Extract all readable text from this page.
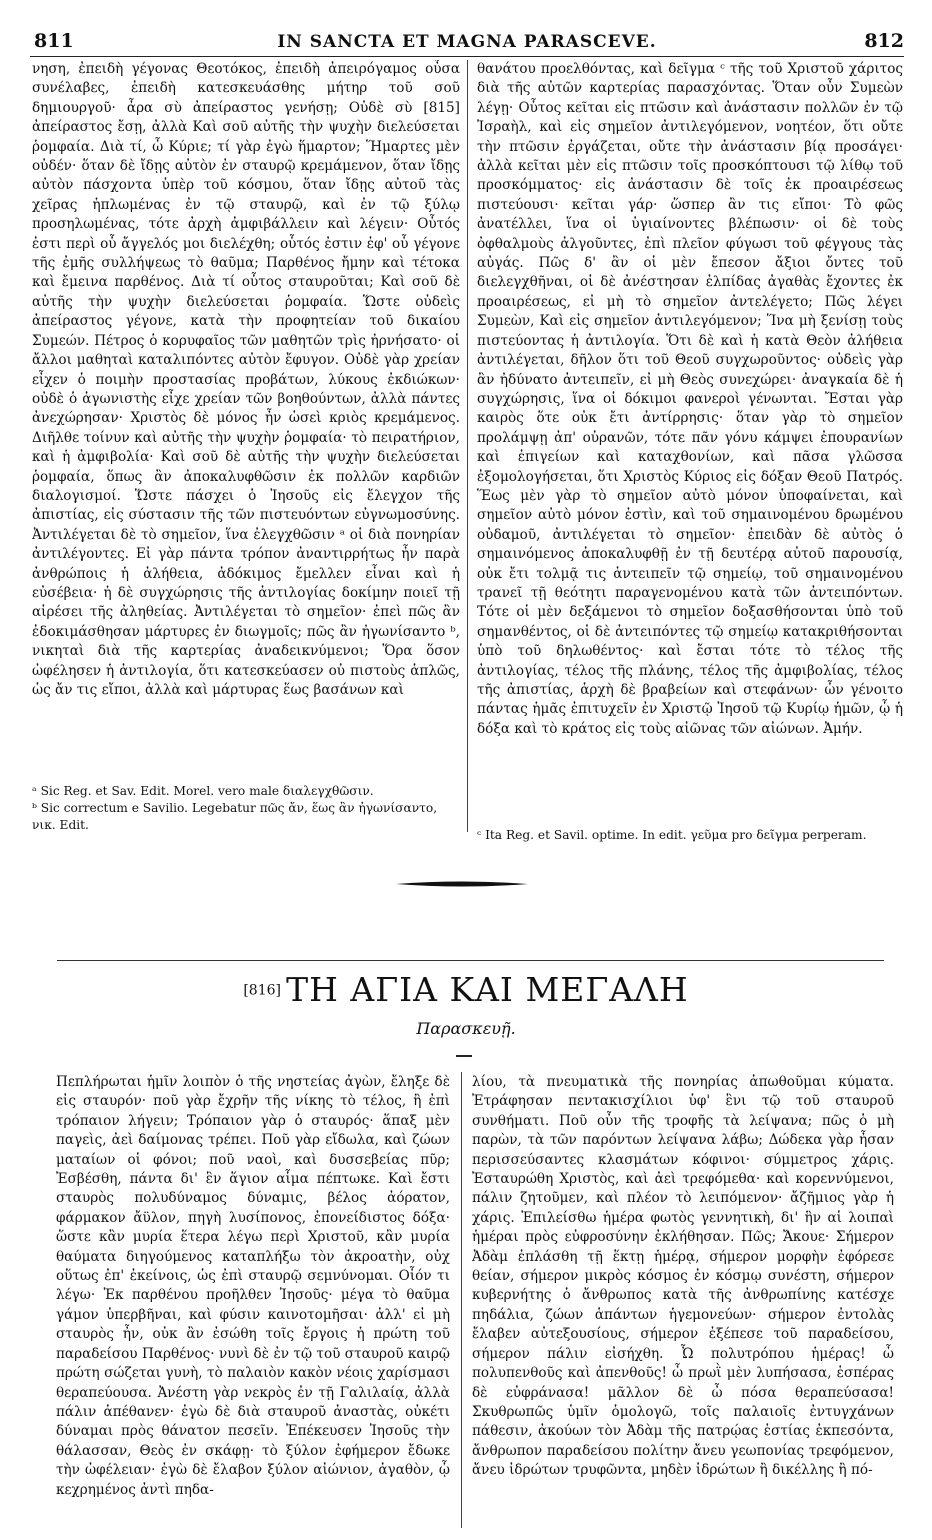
811	IN SANCTA ET MAGNA PARASCEVE.	812

νηση, ἐπειδὴ γέγονας Θεοτόκος, ἐπειδὴ ἀπειρόγαμος οὖσα συνέλαβες, ἐπειδὴ κατεσκευάσθης μήτηρ τοῦ σοῦ δημιουργοῦ· ἆρα σὺ ἀπείραστος γενήσῃ; Οὐδὲ σὺ [815] ἀπείραστος ἔσῃ, ἀλλὰ Καὶ σοῦ αὐτῆς τὴν ψυχὴν διελεύσεται ῥομφαία. Διὰ τί, ὦ Κύριε; τί γὰρ ἐγὼ ἥμαρτον; Ἥμαρτες μὲν οὐδέν· ὅταν δὲ ἴδῃς αὐτὸν ἐν σταυρῷ κρεμάμενον, ὅταν ἴδῃς αὐτὸν πάσχοντα ὑπὲρ τοῦ κόσμου, ὅταν ἴδῃς αὐτοῦ τὰς χεῖρας ἡπλωμένας ἐν τῷ σταυρῷ, καὶ ἐν τῷ ξύλῳ προσηλωμένας, τότε ἀρχὴ ἀμφιβάλλειν καὶ λέγειν· Οὗτός ἐστι περὶ οὗ ἄγγελός μοι διελέχθη; οὗτός ἐστιν ἐφ' οὗ γέγονε τῆς ἐμῆς συλλήψεως τὸ θαῦμα; Παρθένος ἤμην καὶ τέτοκα καὶ ἔμεινα παρθένος. Διὰ τί οὗτος σταυροῦται; Καὶ σοῦ δὲ αὐτῆς τὴν ψυχὴν διελεύσεται ῥομφαία. Ὥστε οὐδεὶς ἀπείραστος γέγονε, κατὰ τὴν προφητείαν τοῦ δικαίου Συμεών. Πέτρος ὁ κορυφαῖος τῶν μαθητῶν τρὶς ἠρνήσατο· οἱ ἄλλοι μαθηταὶ καταλιπόντες αὐτὸν ἔφυγον. Οὐδὲ γὰρ χρείαν εἶχεν ὁ ποιμὴν προστασίας προβάτων, λύκους ἐκδιώκων· οὐδὲ ὁ ἀγωνιστὴς εἶχε χρείαν τῶν βοηθούντων, ἀλλὰ πάντες ἀνεχώρησαν· Χριστὸς δὲ μόνος ἦν ὡσεὶ κριὸς κρεμάμενος. Διῆλθε τοίνυν καὶ αὐτῆς τὴν ψυχὴν ῥομφαία· τὸ πειρατήριον, καὶ ἡ ἀμφιβολία· Καὶ σοῦ δὲ αὐτῆς τὴν ψυχὴν διελεύσεται ῥομφαία, ὅπως ἂν ἀποκαλυφθῶσιν ἐκ πολλῶν καρδιῶν διαλογισμοί. Ὥστε πάσχει ὁ Ἰησοῦς εἰς ἔλεγχον τῆς ἀπιστίας, εἰς σύστασιν τῆς τῶν πιστευόντων εὐγνωμοσύνης. Ἀντιλέγεται δὲ τὸ σημεῖον, ἵνα ἐλεγχθῶσιν ᵃ οἱ διὰ πονηρίαν ἀντιλέγοντες. Εἰ γὰρ πάντα τρόπον ἀναντιρρήτως ἦν παρὰ ἀνθρώποις ἡ ἀλήθεια, ἀδόκιμος ἔμελλεν εἶναι καὶ ἡ εὐσέβεια· ἡ δὲ συγχώρησις τῆς ἀντιλογίας δοκίμην ποιεῖ τῇ αἱρέσει τῆς ἀληθείας. Ἀντιλέγεται τὸ σημεῖον· ἐπεὶ πῶς ἂν ἐδοκιμάσθησαν μάρτυρες ἐν διωγμοῖς; πῶς ἂν ἠγωνίσαντο ᵇ, νικηταὶ διὰ τῆς καρτερίας ἀναδεικνύμενοι; Ὅρα ὅσον ὠφέλησεν ἡ ἀντιλογία, ὅτι κατεσκεύασεν οὐ πιστοὺς ἁπλῶς, ὡς ἄν τις εἴποι, ἀλλὰ καὶ μάρτυρας ἕως βασάνων καὶ

θανάτου προελθόντας, καὶ δεῖγμα ᶜ τῆς τοῦ Χριστοῦ χάριτος διὰ τῆς αὐτῶν καρτερίας παρασχόντας. Ὅταν οὖν Συμεὼν λέγῃ· Οὗτος κεῖται εἰς πτῶσιν καὶ ἀνάστασιν πολλῶν ἐν τῷ Ἰσραὴλ, καὶ εἰς σημεῖον ἀντιλεγόμενον, νοητέον, ὅτι οὔτε τὴν πτῶσιν ἐργάζεται, οὔτε τὴν ἀνάστασιν βίᾳ προσάγει· ἀλλὰ κεῖται μὲν εἰς πτῶσιν τοῖς προσκόπτουσι τῷ λίθῳ τοῦ προσκόμματος· εἰς ἀνάστασιν δὲ τοῖς ἐκ προαιρέσεως πιστεύουσι· κεῖται γάρ· ὥσπερ ἂν τις εἴποι· Τὸ φῶς ἀνατέλλει, ἵνα οἱ ὑγιαίνοντες βλέπωσιν· οἱ δὲ τοὺς ὀφθαλμοὺς ἀλγοῦντες, ἐπὶ πλεῖον φύγωσι τοῦ φέγγους τὰς αὐγάς. Πῶς δ' ἂν οἱ μὲν ἔπεσον ἄξιοι ὄντες τοῦ διελεγχθῆναι, οἱ δὲ ἀνέστησαν ἐλπίδας ἀγαθὰς ἔχοντες ἐκ προαιρέσεως, εἰ μὴ τὸ σημεῖον ἀντελέγετο; Πῶς λέγει Συμεὼν, Καὶ εἰς σημεῖον ἀντιλεγόμενον; Ἵνα μὴ ξενίσῃ τοὺς πιστεύοντας ἡ ἀντιλογία. Ὅτι δὲ καὶ ἡ κατὰ Θεὸν ἀλήθεια ἀντιλέγεται, δῆλον ὅτι τοῦ Θεοῦ συγχωροῦντος· οὐδεὶς γὰρ ἂν ἠδύνατο ἀντειπεῖν, εἰ μὴ Θεὸς συνεχώρει· ἀναγκαία δὲ ἡ συγχώρησις, ἵνα οἱ δόκιμοι φανεροὶ γένωνται. Ἔσται γὰρ καιρὸς ὅτε οὐκ ἔτι ἀντίρρησις· ὅταν γὰρ τὸ σημεῖον προλάμψῃ ἀπ' οὐρανῶν, τότε πᾶν γόνυ κάμψει ἐπουρανίων καὶ ἐπιγείων καὶ καταχθονίων, καὶ πᾶσα γλῶσσα ἐξομολογήσεται, ὅτι Χριστὸς Κύριος εἰς δόξαν Θεοῦ Πατρός. Ἕως μὲν γὰρ τὸ σημεῖον αὐτὸ μόνον ὑποφαίνεται, καὶ σημεῖον αὐτὸ μόνον ἐστὶν, καὶ τοῦ σημαινομένου δρωμένου οὐδαμοῦ, ἀντιλέγεται τὸ σημεῖον· ἐπειδὰν δὲ αὐτὸς ὁ σημαινόμενος ἀποκαλυφθῇ ἐν τῇ δευτέρᾳ αὐτοῦ παρουσίᾳ, οὐκ ἔτι τολμᾷ τις ἀντειπεῖν τῷ σημείῳ, τοῦ σημαινομένου τρανεῖ τῇ θεότητι παραγενομένου κατὰ τῶν ἀντειπόντων. Τότε οἱ μὲν δεξάμενοι τὸ σημεῖον δοξασθήσονται ὑπὸ τοῦ σημανθέντος, οἱ δὲ ἀντειπόντες τῷ σημείῳ κατακριθήσονται ὑπὸ τοῦ δηλωθέντος· καὶ ἔσται τότε τὸ τέλος τῆς ἀντιλογίας, τέλος τῆς πλάνης, τέλος τῆς ἀμφιβολίας, τέλος τῆς ἀπιστίας, ἀρχὴ δὲ βραβείων καὶ στεφάνων· ὧν γένοιτο πάντας ἡμᾶς ἐπιτυχεῖν ἐν Χριστῷ Ἰησοῦ τῷ Κυρίῳ ἡμῶν, ᾧ ἡ δόξα καὶ τὸ κράτος εἰς τοὺς αἰῶνας τῶν αἰώνων. Ἀμήν.

ᵃ Sic Reg. et Sav. Edit. Morel. vero male διαλεγχθῶσιν.

ᵇ Sic correctum e Savilio. Legebatur πῶς ἄν, ἕως ἂν ἠγωνίσαντο, νικ. Edit.

ᶜ Ita Reg. et Savil. optime. In edit. γεῦμα pro δεῖγμα perperam.

[816] ΤΗ ΑΓΙΑ ΚΑΙ ΜΕΓΑΛΗ
Παρασκευῇ.

Πεπλήρωται ἡμῖν λοιπὸν ὁ τῆς νηστείας ἀγὼν, ἔληξε δὲ εἰς σταυρόν· ποῦ γὰρ ἔχρῆν τῆς νίκης τὸ τέλος, ἢ ἐπὶ τρόπαιον λήγειν; Τρόπαιον γὰρ ὁ σταυρός· ἅπαξ μὲν παγεὶς, ἀεὶ δαίμονας τρέπει. Ποῦ γὰρ εἴδωλα, καὶ ζώων ματαίων οἱ φόνοι; ποῦ ναοὶ, καὶ δυσσεβείας πῦρ; Ἐσβέσθη, πάντα δι' ἓν ἅγιον αἷμα πέπτωκε. Καὶ ἔστι σταυρὸς πολυδύναμος δύναμις, βέλος ἀόρατον, φάρμακον ἄϋλον, πηγὴ λυσίπονος, ἐπονείδιστος δόξα· ὥστε κἂν μυρία ἕτερα λέγω περὶ Χριστοῦ, κἂν μυρία θαύματα διηγούμενος καταπλήξω τὸν ἀκροατὴν, οὐχ οὕτως ἐπ' ἐκείνοις, ὡς ἐπὶ σταυρῷ σεμνύνομαι. Οἷόν τι λέγω· Ἐκ παρθένου προῆλθεν Ἰησοῦς· μέγα τὸ θαῦμα γάμον ὑπερβῆναι, καὶ φύσιν καινοτομῆσαι· ἀλλ' εἰ μὴ σταυρὸς ἦν, οὐκ ἂν ἐσώθη τοῖς ἔργοις ἡ πρώτη τοῦ παραδείσου Παρθένος· νυνὶ δὲ ἐν τῷ τοῦ σταυροῦ καιρῷ πρώτη σώζεται γυνὴ, τὸ παλαιὸν κακὸν νέοις χαρίσμασι θεραπεύουσα. Ἀνέστη γὰρ νεκρὸς ἐν τῇ Γαλιλαίᾳ, ἀλλὰ πάλιν ἀπέθανεν· ἐγὼ δὲ διὰ σταυροῦ ἀναστὰς, οὐκέτι δύναμαι πρὸς θάνατον πεσεῖν. Ἐπέκευσεν Ἰησοῦς τὴν θάλασσαν, Θεὸς ἐν σκάφῃ· τὸ ξύλον ἐφήμερον ἔδωκε τὴν ὠφέλειαν· ἐγὼ δὲ ἔλαβον ξύλον αἰώνιον, ἀγαθὸν, ᾧ κεχρημένος ἀντὶ πηδα-

λίου, τὰ πνευματικὰ τῆς πονηρίας ἀπωθοῦμαι κύματα. Ἐτράφησαν πεντακισχίλιοι ὑφ' ἓνι τῷ τοῦ σταυροῦ συνθήματι. Ποῦ οὖν τῆς τροφῆς τὰ λείψανα; πῶς ὁ μὴ παρὼν, τὰ τῶν παρόντων λείψανα λάβω; Δώδεκα γὰρ ἦσαν περισσεύσαντες κλασμάτων κόφινοι· σύμμετρος χάρις. Ἐσταυρώθη Χριστὸς, καὶ ἀεὶ τρεφόμεθα· καὶ κορεννύμενοι, πάλιν ζητοῦμεν, καὶ πλέον τὸ λειπόμενον· ἄζῆμιος γὰρ ἡ χάρις. Ἐπιλείσθω ἡμέρα φωτὸς γεννητικὴ, δι' ἣν αἱ λοιπαὶ ἡμέραι πρὸς εὐφροσύνην ἐκλήθησαν. Πῶς; Ἄκουε· Σήμερον Ἀδὰμ ἐπλάσθη τῇ ἕκτῃ ἡμέρᾳ, σήμερον μορφὴν ἐφόρεσε θείαν, σήμερον μικρὸς κόσμος ἐν κόσμῳ συνέστη, σήμερον κυβερνήτης ὁ ἄνθρωπος κατὰ τῆς ἀνθρωπίνης κατέσχε πηδάλια, ζώων ἁπάντων ἡγεμονεύων· σήμερον ἐντολὰς ἔλαβεν αὐτεξουσίους, σήμερον ἐξέπεσε τοῦ παραδείσου, σήμερον πάλιν εἰσήχθη. Ὦ πολυτρόπου ἡμέρας! ὦ πολυπενθοῦς καὶ ἀπενθοῦς! ὦ πρωῒ μὲν λυπήσασα, ἑσπέρας δὲ εὐφράνασα! μᾶλλον δὲ ὦ πόσα θεραπεύσασα! Σκυθρωπῶς ὑμῖν ὁμολογῶ, τοῖς παλαιοῖς ἐντυγχάνων πάθεσιν, ἀκούων τὸν Ἀδὰμ τῆς πατρῴας ἑστίας ἐκπεσόντα, ἄνθρωπον παραδείσου πολίτην ἄνευ γεωπονίας τρεφόμενον, ἄνευ ἱδρώτων τρυφῶντα, μηδὲν ἱδρώτων ἢ δικέλλης ἢ πό-
